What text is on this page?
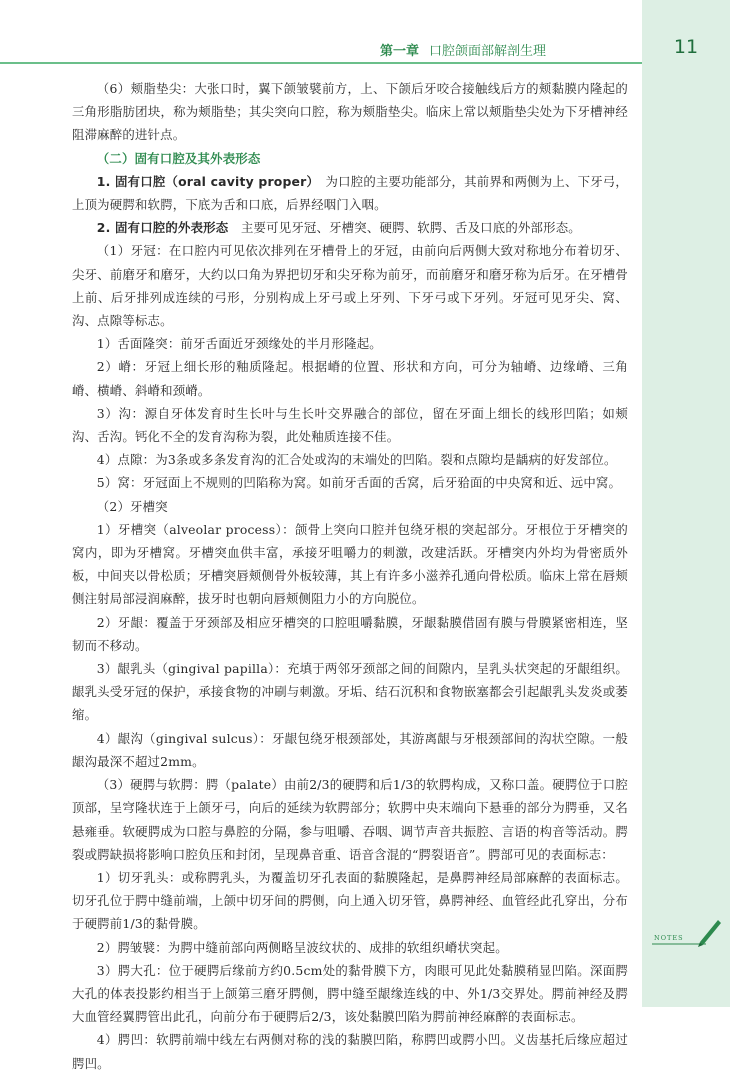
第一章 口腔颌面部解剖生理	11

（6）颊脂垫尖：大张口时，翼下颌皱襞前方，上、下颌后牙咬合接触线后方的颊黏膜内隆起的三角形脂肪团块，称为颊脂垫；其尖突向口腔，称为颊脂垫尖。临床上常以颊脂垫尖处为下牙槽神经阻滞麻醉的进针点。

（二）固有口腔及其外表形态

1. 固有口腔（oral cavity proper）　 为口腔的主要功能部分，其前界和两侧为上、下牙弓，上顶为硬腭和软腭，下底为舌和口底，后界经咽门入咽。

2. 固有口腔的外表形态　 主要可见牙冠、牙槽突、硬腭、软腭、舌及口底的外部形态。

（1）牙冠：在口腔内可见依次排列在牙槽骨上的牙冠，由前向后两侧大致对称地分布着切牙、尖牙、前磨牙和磨牙，大约以口角为界把切牙和尖牙称为前牙，而前磨牙和磨牙称为后牙。在牙槽骨上前、后牙排列成连续的弓形，分别构成上牙弓或上牙列、下牙弓或下牙列。牙冠可见牙尖、窝、沟、点隙等标志。

1）舌面隆突：前牙舌面近牙颈缘处的半月形隆起。

2）嵴：牙冠上细长形的釉质隆起。根据嵴的位置、形状和方向，可分为轴嵴、边缘嵴、三角嵴、横嵴、斜嵴和颈嵴。

3）沟：源自牙体发育时生长叶与生长叶交界融合的部位，留在牙面上细长的线形凹陷；如颊沟、舌沟。钙化不全的发育沟称为裂，此处釉质连接不佳。

4）点隙：为3条或多条发育沟的汇合处或沟的末端处的凹陷。裂和点隙均是龋病的好发部位。

5）窝：牙冠面上不规则的凹陷称为窝。如前牙舌面的舌窝，后牙𬌗面的中央窝和近、远中窝。

（2）牙槽突

1）牙槽突（alveolar process）：颌骨上突向口腔并包绕牙根的突起部分。牙根位于牙槽突的窝内，即为牙槽窝。牙槽突血供丰富，承接牙咀嚼力的刺激，改建活跃。牙槽突内外均为骨密质外板，中间夹以骨松质；牙槽突唇颊侧骨外板较薄，其上有许多小滋养孔通向骨松质。临床上常在唇颊侧注射局部浸润麻醉，拔牙时也朝向唇颊侧阻力小的方向脱位。

2）牙龈：覆盖于牙颈部及相应牙槽突的口腔咀嚼黏膜，牙龈黏膜借固有膜与骨膜紧密相连，坚韧而不移动。

3）龈乳头（gingival papilla）：充填于两邻牙颈部之间的间隙内，呈乳头状突起的牙龈组织。龈乳头受牙冠的保护，承接食物的冲刷与刺激。牙垢、结石沉积和食物嵌塞都会引起龈乳头发炎或萎缩。

4）龈沟（gingival sulcus）：牙龈包绕牙根颈部处，其游离龈与牙根颈部间的沟状空隙。一般龈沟最深不超过2mm。

（3）硬腭与软腭：腭（palate）由前2/3的硬腭和后1/3的软腭构成，又称口盖。硬腭位于口腔顶部，呈穹隆状连于上颌牙弓，向后的延续为软腭部分；软腭中央末端向下悬垂的部分为腭垂，又名悬雍垂。软硬腭成为口腔与鼻腔的分隔，参与咀嚼、吞咽、调节声音共振腔、言语的构音等活动。腭裂或腭缺损将影响口腔负压和封闭，呈现鼻音重、语音含混的“腭裂语音”。腭部可见的表面标志：

1）切牙乳头：或称腭乳头，为覆盖切牙孔表面的黏膜隆起，是鼻腭神经局部麻醉的表面标志。切牙孔位于腭中缝前端，上颌中切牙间的腭侧，向上通入切牙管，鼻腭神经、血管经此孔穿出，分布于硬腭前1/3的黏骨膜。

2）腭皱襞：为腭中缝前部向两侧略呈波纹状的、成排的软组织嵴状突起。

3）腭大孔：位于硬腭后缘前方约0.5cm处的黏骨膜下方，肉眼可见此处黏膜稍显凹陷。深面腭大孔的体表投影约相当于上颌第三磨牙腭侧，腭中缝至龈缘连线的中、外1/3交界处。腭前神经及腭大血管经翼腭管出此孔，向前分布于硬腭后2/3，该处黏膜凹陷为腭前神经麻醉的表面标志。

4）腭凹：软腭前端中线左右两侧对称的浅的黏膜凹陷，称腭凹或腭小凹。义齿基托后缘应超过腭凹。

NOTES
